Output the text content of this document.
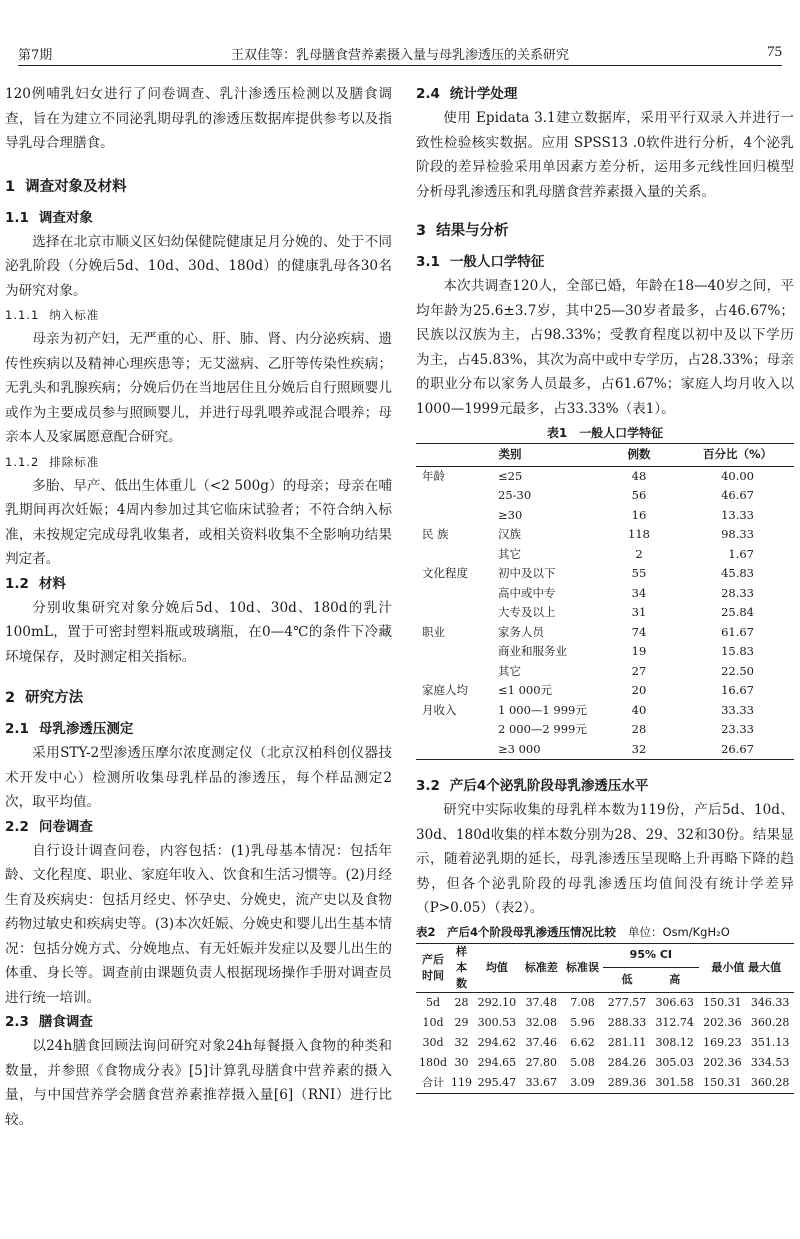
第7期	王双佳等：乳母膳食营养素摄入量与母乳渗透压的关系研究	75

120例哺乳妇女进行了问卷调查、乳汁渗透压检测以及膳食调查，旨在为建立不同泌乳期母乳的渗透压数据库提供参考以及指导乳母合理膳食。

1 调查对象及材料
1.1 调查对象

选择在北京市顺义区妇幼保健院健康足月分娩的、处于不同泌乳阶段（分娩后5d、10d、30d、180d）的健康乳母各30名为研究对象。

1.1.1 纳入标准

母亲为初产妇，无严重的心、肝、肺、肾、内分泌疾病、遗传性疾病以及精神心理疾患等；无艾滋病、乙肝等传染性疾病；无乳头和乳腺疾病；分娩后仍在当地居住且分娩后自行照顾婴儿或作为主要成员参与照顾婴儿，并进行母乳喂养或混合喂养；母亲本人及家属愿意配合研究。

1.1.2 排除标准

多胎、早产、低出生体重儿（<2 500g）的母亲；母亲在哺乳期间再次妊娠；4周内参加过其它临床试验者；不符合纳入标准，未按规定完成母乳收集者，或相关资料收集不全影响功结果判定者。

1.2 材料

分别收集研究对象分娩后5d、10d、30d、180d的乳汁100mL，置于可密封塑料瓶或玻璃瓶，在0—4℃的条件下冷藏环境保存，及时测定相关指标。

2 研究方法
2.1 母乳渗透压测定

采用STY-2型渗透压摩尔浓度测定仪（北京汉柏科创仪器技术开发中心）检测所收集母乳样品的渗透压，每个样品测定2次，取平均值。

2.2 问卷调查

自行设计调查问卷，内容包括：(1)乳母基本情况：包括年龄、文化程度、职业、家庭年收入、饮食和生活习惯等。(2)月经生育及疾病史：包括月经史、怀孕史、分娩史，流产史以及食物药物过敏史和疾病史等。(3)本次妊娠、分娩史和婴儿出生基本情况：包括分娩方式、分娩地点、有无妊娠并发症以及婴儿出生的体重、身长等。调查前由课题负责人根据现场操作手册对调查员进行统一培训。

2.3 膳食调查

以24h膳食回顾法询问研究对象24h每餐摄入食物的种类和数量，并参照《食物成分表》[5]计算乳母膳食中营养素的摄入量，与中国营养学会膳食营养素推荐摄入量[6]（RNI）进行比较。

2.4 统计学处理

使用 Epidata 3.1建立数据库，采用平行双录入并进行一致性检验核实数据。应用 SPSS13 .0软件进行分析，4个泌乳阶段的差异检验采用单因素方差分析，运用多元线性回归模型分析母乳渗透压和乳母膳食营养素摄入量的关系。

3 结果与分析
3.1 一般人口学特征

本次共调查120人，全部已婚，年龄在18—40岁之间，平均年龄为25.6±3.7岁，其中25—30岁者最多，占46.67%；民族以汉族为主，占98.33%；受教育程度以初中及以下学历为主，占45.83%，其次为高中或中专学历，占28.33%；母亲的职业分布以家务人员最多，占61.67%；家庭人均月收入以1000—1999元最多，占33.33%（表1）。

表1　一般人口学特征
类别		例数	百分比（%）
年龄	≤25	48	40.00
	25-30	56	46.67
	≥30	16	13.33
民 族	汉族	118	98.33
	其它	2	1.67
文化程度	初中及以下	55	45.83
	高中或中专	34	28.33
	大专及以上	31	25.84
职业	家务人员	74	61.67
	商业和服务业	19	15.83
	其它	27	22.50
家庭人均	≤1 000元	20	16.67
月收入	1 000—1 999元	40	33.33
	2 000—2 999元	28	23.33
	≥3 000	32	26.67
3.2 产后4个泌乳阶段母乳渗透压水平

研究中实际收集的母乳样本数为119份，产后5d、10d、30d、180d收集的样本数分别为28、29、32和30份。结果显示，随着泌乳期的延长，母乳渗透压呈现略上升再略下降的趋势，但各个泌乳阶段的母乳渗透压均值间没有统计学差异（P>0.05）（表2）。

表2　产后4个阶段母乳渗透压情况比较 单位：Osm/KgH₂O
产后时间	样本数	均值	标准差	标准误	95% CI		最小值 最大值	
					低	高		
5d	28	292.10	37.48	7.08	277.57	306.63	150.31	346.33
10d	29	300.53	32.08	5.96	288.33	312.74	202.36	360.28
30d	32	294.62	37.46	6.62	281.11	308.12	169.23	351.13
180d	30	294.65	27.80	5.08	284.26	305.03	202.36	334.53
合计	119	295.47	33.67	3.09	289.36	301.58	150.31	360.28
